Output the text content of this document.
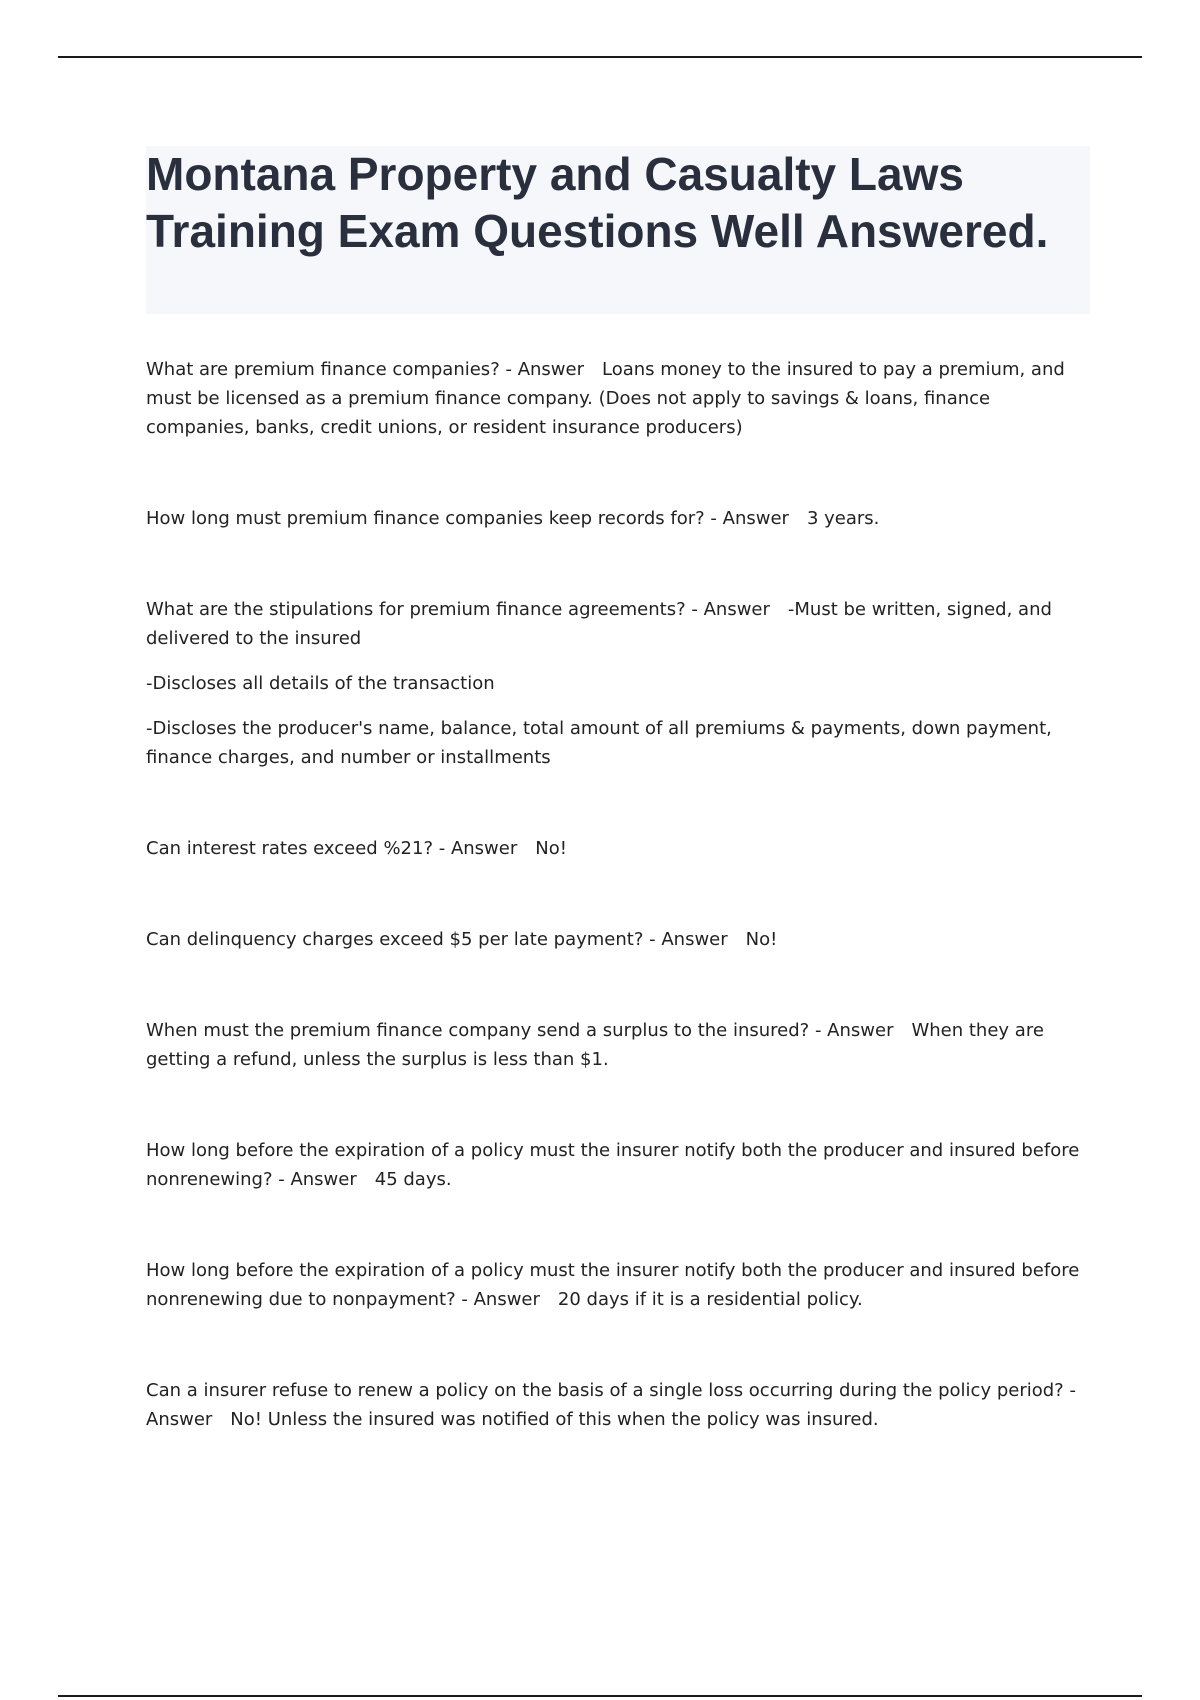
Montana Property and Casualty Laws Training Exam Questions Well Answered.

What are premium finance companies? - Answer Loans money to the insured to pay a premium, and must be licensed as a premium finance company. (Does not apply to savings & loans, finance companies, banks, credit unions, or resident insurance producers)

How long must premium finance companies keep records for? - Answer 3 years.

What are the stipulations for premium finance agreements? - Answer -Must be written, signed, and delivered to the insured

-Discloses all details of the transaction

-Discloses the producer's name, balance, total amount of all premiums & payments, down payment, finance charges, and number or installments

Can interest rates exceed %21? - Answer No!

Can delinquency charges exceed $5 per late payment? - Answer No!

When must the premium finance company send a surplus to the insured? - Answer When they are getting a refund, unless the surplus is less than $1.

How long before the expiration of a policy must the insurer notify both the producer and insured before nonrenewing? - Answer 45 days.

How long before the expiration of a policy must the insurer notify both the producer and insured before nonrenewing due to nonpayment? - Answer 20 days if it is a residential policy.

Can a insurer refuse to renew a policy on the basis of a single loss occurring during the policy period? - Answer No! Unless the insured was notified of this when the policy was insured.
